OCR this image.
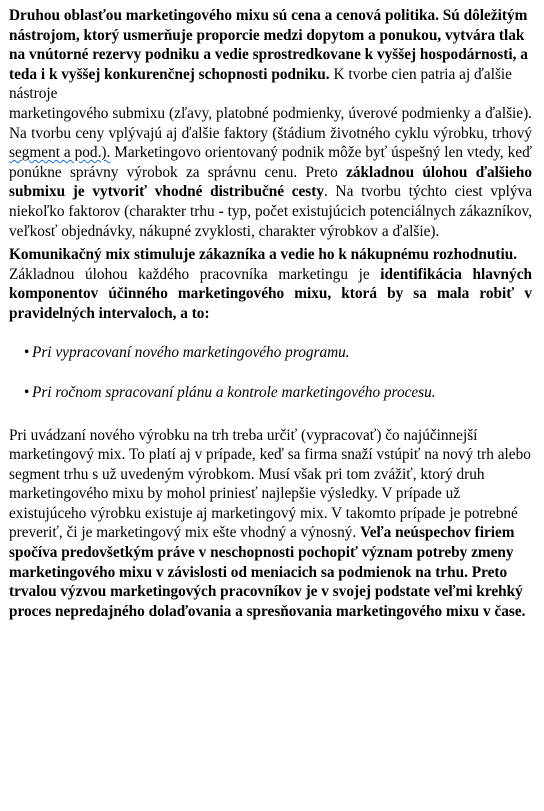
Druhou oblasťou marketingového mixu sú cena a cenová politika. Sú dôležitým nástrojom, ktorý usmerňuje proporcie medzi dopytom a ponukou, vytvára tlak na vnútorné rezervy podniku a vedie sprostredkovane k vyššej hospodárnosti, a teda i k vyššej konkurenčnej schopnosti podniku. K tvorbe cien patria aj ďalšie nástroje

marketingového submixu (zľavy, platobné podmienky, úverové podmienky a ďalšie). Na tvorbu ceny vplývajú aj ďalšie faktory (štádium životného cyklu výrobku, trhový segment a pod.). Marketingovo orientovaný podnik môže byť úspešný len vtedy, keď ponúkne správny výrobok za správnu cenu. Preto základnou úlohou ďalšieho submixu je vytvoriť vhodné distribučné cesty. Na tvorbu týchto ciest vplýva niekoľko faktorov (charakter trhu - typ, počet existujúcich potenciálnych zákazníkov, veľkosť objednávky, nákupné zvyklosti, charakter výrobkov a ďalšie).

Komunikačný mix stimuluje zákazníka a vedie ho k nákupnému rozhodnutiu.

Základnou úlohou každého pracovníka marketingu je identifikácia hlavných komponentov účinného marketingového mixu, ktorá by sa mala robiť v pravidelných intervaloch, a to:

• Pri vypracovaní nového marketingového programu.
• Pri ročnom spracovaní plánu a kontrole marketingového procesu.

Pri uvádzaní nového výrobku na trh treba určiť (vypracovať) čo najúčinnejší marketingový mix. To platí aj v prípade, keď sa firma snaží vstúpiť na nový trh alebo segment trhu s už uvedeným výrobkom. Musí však pri tom zvážiť, ktorý druh marketingového mixu by mohol priniesť najlepšie výsledky. V prípade už existujúceho výrobku existuje aj marketingový mix. V takomto prípade je potrebné preveriť, či je marketingový mix ešte vhodný a výnosný. Veľa neúspechov firiem spočíva predovšetkým práve v neschopnosti pochopiť význam potreby zmeny marketingového mixu v závislosti od meniacich sa podmienok na trhu. Preto trvalou výzvou marketingových pracovníkov je v svojej podstate veľmi krehký proces nepredajného dolaďovania a spresňovania marketingového mixu v čase.
